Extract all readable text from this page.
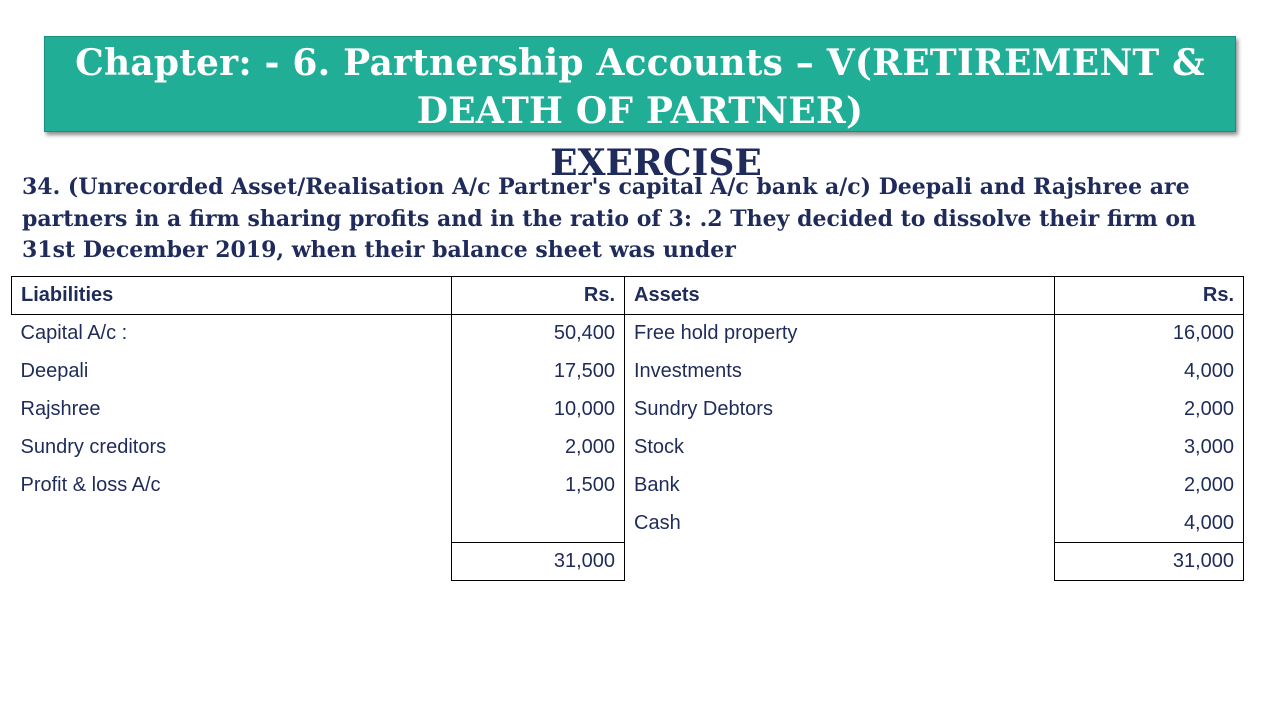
Chapter: - 6. Partnership Accounts – V(RETIREMENT &
DEATH OF PARTNER)
EXERCISE
34. (Unrecorded Asset/Realisation A/c Partner's capital A/c bank a/c) Deepali and Rajshree are
partners in a firm sharing profits and in the ratio of 3: .2 They decided to dissolve their firm on
31st December 2019, when their balance sheet was under
Liabilities	Rs.	Assets	Rs.
Capital A/c :	50,400	Free hold property	16,000
Deepali	17,500	Investments	4,000
Rajshree	10,000	Sundry Debtors	2,000
Sundry creditors	2,000	Stock	3,000
Profit & loss A/c	1,500	Bank	2,000
		Cash	4,000
	31,000		31,000
